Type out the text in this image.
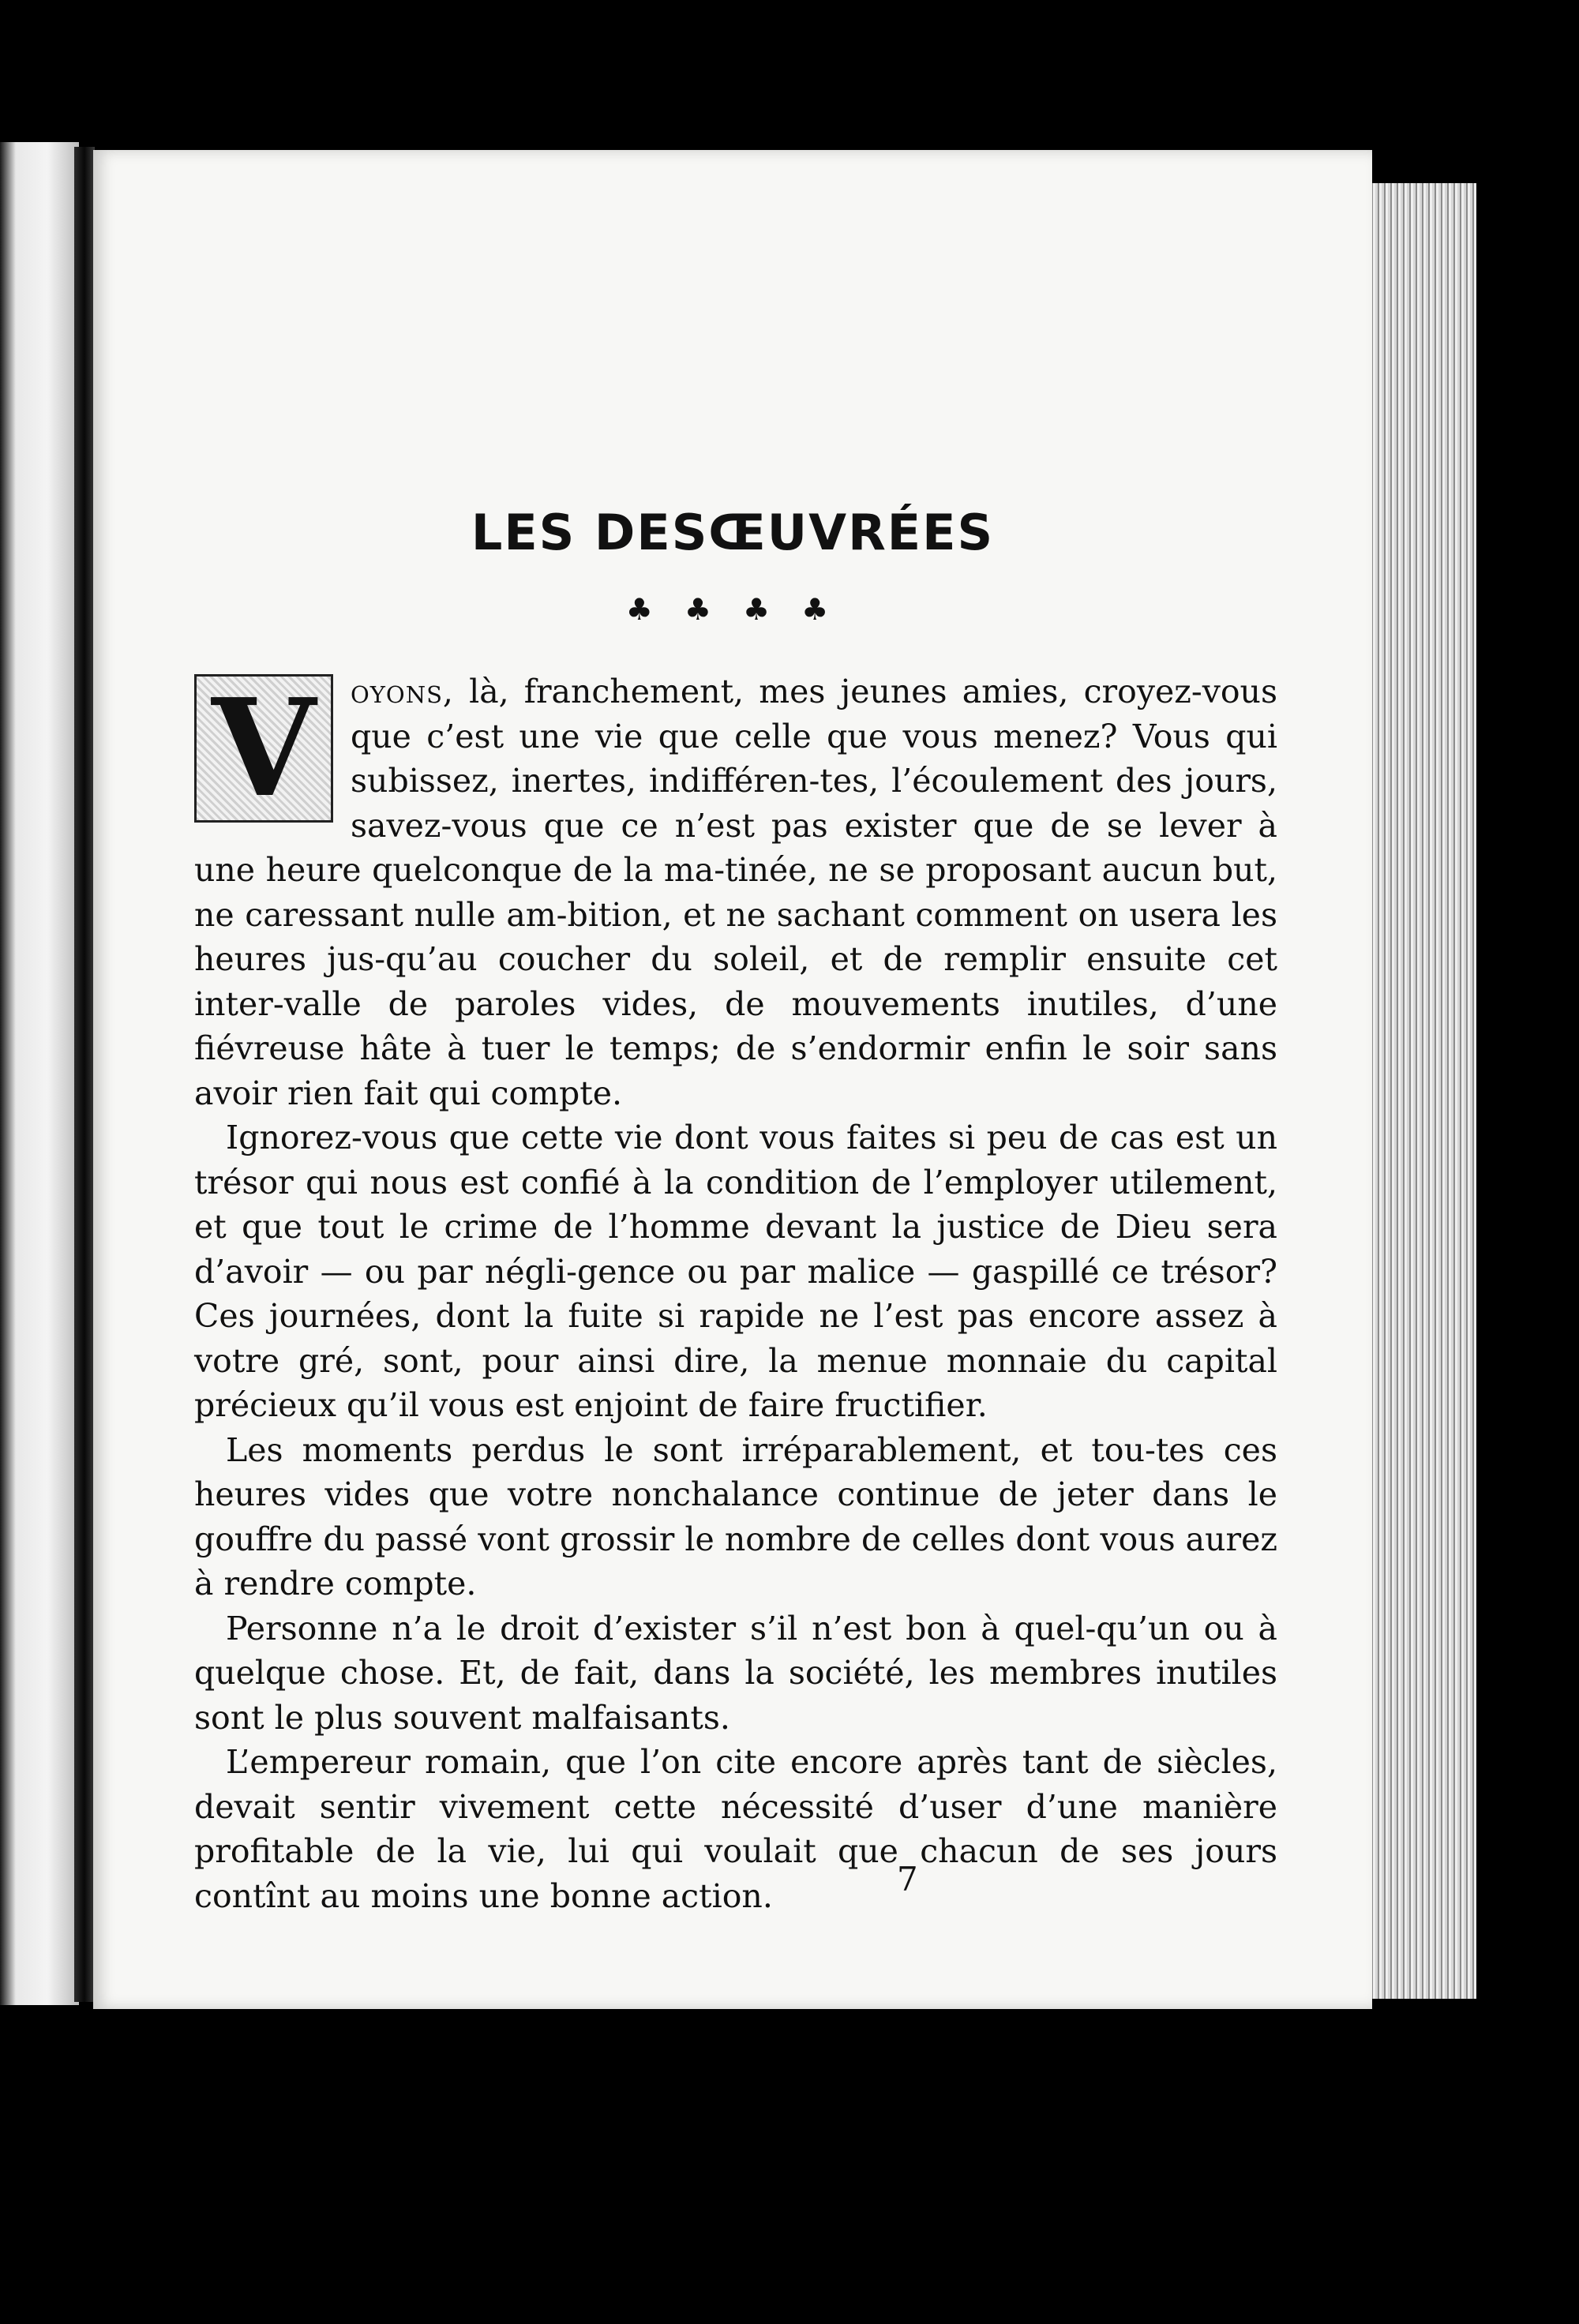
LES DESŒUVRÉES
♣ ♣ ♣ ♣

V	oyons, là, franchement, mes jeunes amies, croyez-vous que c’est une vie que celle que vous menez? Vous qui subissez, inertes, indifféren-tes, l’écoulement des jours, savez-vous que ce n’est pas exister que de se lever à une heure quelconque de la ma-tinée, ne se proposant aucun but, ne caressant nulle am-bition, et ne sachant comment on usera les heures jus-qu’au coucher du soleil, et de remplir ensuite cet inter-valle de paroles vides, de mouvements inutiles, d’une fiévreuse hâte à tuer le temps; de s’endormir enfin le soir sans avoir rien fait qui compte.

Ignorez-vous que cette vie dont vous faites si peu de cas est un trésor qui nous est confié à la condition de l’employer utilement, et que tout le crime de l’homme devant la justice de Dieu sera d’avoir — ou par négli-gence ou par malice — gaspillé ce trésor? Ces journées, dont la fuite si rapide ne l’est pas encore assez à votre gré, sont, pour ainsi dire, la menue monnaie du capital précieux qu’il vous est enjoint de faire fructifier.

Les moments perdus le sont irréparablement, et tou-tes ces heures vides que votre nonchalance continue de jeter dans le gouffre du passé vont grossir le nombre de celles dont vous aurez à rendre compte.

Personne n’a le droit d’exister s’il n’est bon à quel-qu’un ou à quelque chose. Et, de fait, dans la société, les membres inutiles sont le plus souvent malfaisants.

L’empereur romain, que l’on cite encore après tant de siècles, devait sentir vivement cette nécessité d’user d’une manière profitable de la vie, lui qui voulait que chacun de ses jours contînt au moins une bonne action.	7
